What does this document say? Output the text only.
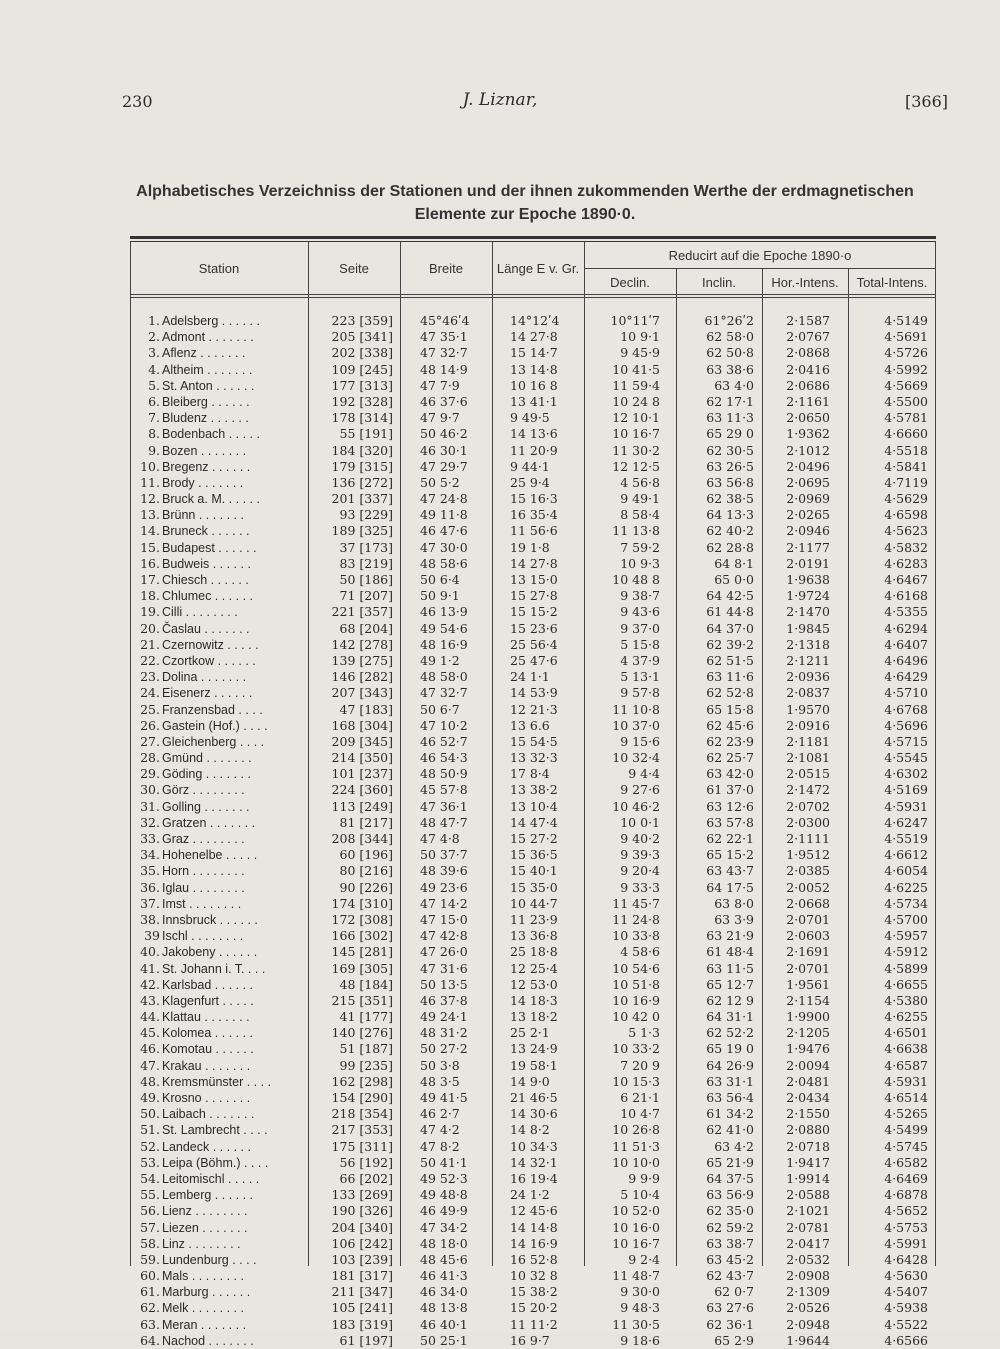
230	J. Liznar,	[366]
Alphabetisches Verzeichniss der Stationen und der ihnen zukommenden Werthe der erdmagnetischen
Elemente zur Epoche 1890·0.
Station	Seite	Breite	Länge E v. Gr.
Reducirt auf die Epoche 1890·o
Declin.	Inclin.	Hor.-Intens.	Total-Intens.
1. Adelsberg . . . . . .	223 [359] 45°46ʹ4	14°12ʹ4	10°11ʹ7	61°26ʹ2	2·1587	4·5149
2. Admont . . . . . . .	205 [341] 47 35·1	14 27·8	10 9·1	62 58·0	2·0767	4·5691
3. Aflenz . . . . . . .	202 [338] 47 32·7	15 14·7	9 45·9	62 50·8	2·0868	4·5726
4. Altheim . . . . . . .	109 [245] 48 14·9	13 14·8	10 41·5	63 38·6	2·0416	4·5992
5. St. Anton . . . . . .	177 [313] 47 7·9	10 16 8	11 59·4	63 4·0	2·0686	4·5669
6. Bleiberg . . . . . .	192 [328] 46 37·6	13 41·1	10 24 8	62 17·1	2·1161	4·5500
7. Bludenz . . . . . .	178 [314] 47 9·7	9 49·5	12 10·1	63 11·3	2·0650	4·5781
8. Bodenbach . . . . .	55 [191] 50 46·2	14 13·6	10 16·7	65 29 0	1·9362	4·6660
9. Bozen . . . . . . .	184 [320] 46 30·1	11 20·9	11 30·2	62 30·5	2·1012	4·5518
10. Bregenz . . . . . .	179 [315] 47 29·7	9 44·1	12 12·5	63 26·5	2·0496	4·5841
11. Brody . . . . . . .	136 [272] 50 5·2	25 9·4	4 56·8	63 56·8	2·0695	4·7119
12. Bruck a. M. . . . . .	201 [337] 47 24·8	15 16·3	9 49·1	62 38·5	2·0969	4·5629
13. Brünn . . . . . . .	93 [229] 49 11·8	16 35·4	8 58·4	64 13·3	2·0265	4·6598
14. Bruneck . . . . . .	189 [325] 46 47·6	11 56·6	11 13·8	62 40·2	2·0946	4·5623
15. Budapest . . . . . .	37 [173] 47 30·0	19 1·8	7 59·2	62 28·8	2·1177	4·5832
16. Budweis . . . . . .	83 [219] 48 58·6	14 27·8	10 9·3	64 8·1	2·0191	4·6283
17. Chiesch . . . . . .	50 [186] 50 6·4	13 15·0	10 48 8	65 0·0	1·9638	4·6467
18. Chlumec . . . . . .	71 [207] 50 9·1	15 27·8	9 38·7	64 42·5	1·9724	4·6168
19. Cilli . . . . . . . .	221 [357] 46 13·9	15 15·2	9 43·6	61 44·8	2·1470	4·5355
20. Časlau . . . . . . .	68 [204] 49 54·6	15 23·6	9 37·0	64 37·0	1·9845	4·6294
21. Czernowitz . . . . .	142 [278] 48 16·9	25 56·4	5 15·8	62 39·2	2·1318	4·6407
22. Czortkow . . . . . .	139 [275] 49 1·2	25 47·6	4 37·9	62 51·5	2·1211	4·6496
23. Dolina . . . . . . .	146 [282] 48 58·0	24 1·1	5 13·1	63 11·6	2·0936	4·6429
24. Eisenerz . . . . . .	207 [343] 47 32·7	14 53·9	9 57·8	62 52·8	2·0837	4·5710
25. Franzensbad . . . .	47 [183] 50 6·7	12 21·3	11 10·8	65 15·8	1·9570	4·6768
26. Gastein (Hof.) . . . .	168 [304] 47 10·2	13 6.6	10 37·0	62 45·6	2·0916	4·5696
27. Gleichenberg . . . .	209 [345] 46 52·7	15 54·5	9 15·6	62 23·9	2·1181	4·5715
28. Gmünd . . . . . . .	214 [350] 46 54·3	13 32·3	10 32·4	62 25·7	2·1081	4·5545
29. Göding . . . . . . .	101 [237] 48 50·9	17 8·4	9 4·4	63 42·0	2·0515	4·6302
30. Görz . . . . . . . .	224 [360] 45 57·8	13 38·2	9 27·6	61 37·0	2·1472	4·5169
31. Golling . . . . . . .	113 [249] 47 36·1	13 10·4	10 46·2	63 12·6	2·0702	4·5931
32. Gratzen . . . . . . .	81 [217] 48 47·7	14 47·4	10 0·1	63 57·8	2·0300	4·6247
33. Graz . . . . . . . .	208 [344] 47 4·8	15 27·2	9 40·2	62 22·1	2·1111	4·5519
34. Hohenelbe . . . . .	60 [196] 50 37·7	15 36·5	9 39·3	65 15·2	1·9512	4·6612
35. Horn . . . . . . . .	80 [216] 48 39·6	15 40·1	9 20·4	63 43·7	2·0385	4·6054
36. Iglau . . . . . . . .	90 [226] 49 23·6	15 35·0	9 33·3	64 17·5	2·0052	4·6225
37. Imst . . . . . . . .	174 [310] 47 14·2	10 44·7	11 45·7	63 8·0	2·0668	4·5734
38. Innsbruck . . . . . .	172 [308] 47 15·0	11 23·9	11 24·8	63 3·9	2·0701	4·5700
39 Ischl . . . . . . . .	166 [302] 47 42·8	13 36·8	10 33·8	63 21·9	2·0603	4·5957
40. Jakobeny . . . . . .	145 [281] 47 26·0	25 18·8	4 58·6	61 48·4	2·1691	4·5912
41. St. Johann i. T. . . .	169 [305] 47 31·6	12 25·4	10 54·6	63 11·5	2·0701	4·5899
42. Karlsbad . . . . . .	48 [184] 50 13·5	12 53·0	10 51·8	65 12·7	1·9561	4·6655
43. Klagenfurt . . . . .	215 [351] 46 37·8	14 18·3	10 16·9	62 12 9	2·1154	4·5380
44. Klattau . . . . . . .	41 [177] 49 24·1	13 18·2	10 42 0	64 31·1	1·9900	4·6255
45. Kolomea . . . . . .	140 [276] 48 31·2	25 2·1	5 1·3	62 52·2	2·1205	4·6501
46. Komotau . . . . . .	51 [187] 50 27·2	13 24·9	10 33·2	65 19 0	1·9476	4·6638
47. Krakau . . . . . . .	99 [235] 50 3·8	19 58·1	7 20 9	64 26·9	2·0094	4·6587
48. Kremsmünster . . . .	162 [298] 48 3·5	14 9·0	10 15·3	63 31·1	2·0481	4·5931
49. Krosno . . . . . . .	154 [290] 49 41·5	21 46·5	6 21·1	63 56·4	2·0434	4·6514
50. Laibach . . . . . . .	218 [354] 46 2·7	14 30·6	10 4·7	61 34·2	2·1550	4·5265
51. St. Lambrecht . . . .	217 [353] 47 4·2	14 8·2	10 26·8	62 41·0	2·0880	4·5499
52. Landeck . . . . . .	175 [311] 47 8·2	10 34·3	11 51·3	63 4·2	2·0718	4·5745
53. Leipa (Böhm.) . . . .	56 [192] 50 41·1	14 32·1	10 10·0	65 21·9	1·9417	4·6582
54. Leitomischl . . . . .	66 [202] 49 52·3	16 19·4	9 9·9	64 37·5	1·9914	4·6469
55. Lemberg . . . . . .	133 [269] 49 48·8	24 1·2	5 10·4	63 56·9	2·0588	4·6878
56. Lienz . . . . . . . .	190 [326] 46 49·9	12 45·6	10 52·0	62 35·0	2·1021	4·5652
57. Liezen . . . . . . .	204 [340] 47 34·2	14 14·8	10 16·0	62 59·2	2·0781	4·5753
58. Linz . . . . . . . .	106 [242] 48 18·0	14 16·9	10 16·7	63 38·7	2·0417	4·5991
59. Lundenburg . . . .	103 [239] 48 45·6	16 52·8	9 2·4	63 45·2	2·0532	4·6428
60. Mals . . . . . . . .	181 [317] 46 41·3	10 32 8	11 48·7	62 43·7	2·0908	4·5630
61. Marburg . . . . . .	211 [347] 46 34·0	15 38·2	9 30·0	62 0·7	2·1309	4·5407
62. Melk . . . . . . . .	105 [241] 48 13·8	15 20·2	9 48·3	63 27·6	2·0526	4·5938
63. Meran . . . . . . .	183 [319] 46 40·1	11 11·2	11 30·5	62 36·1	2·0948	4·5522
64. Nachod . . . . . . .	61 [197] 50 25·1	16 9·7	9 18·6	65 2·9	1·9644	4·6566
